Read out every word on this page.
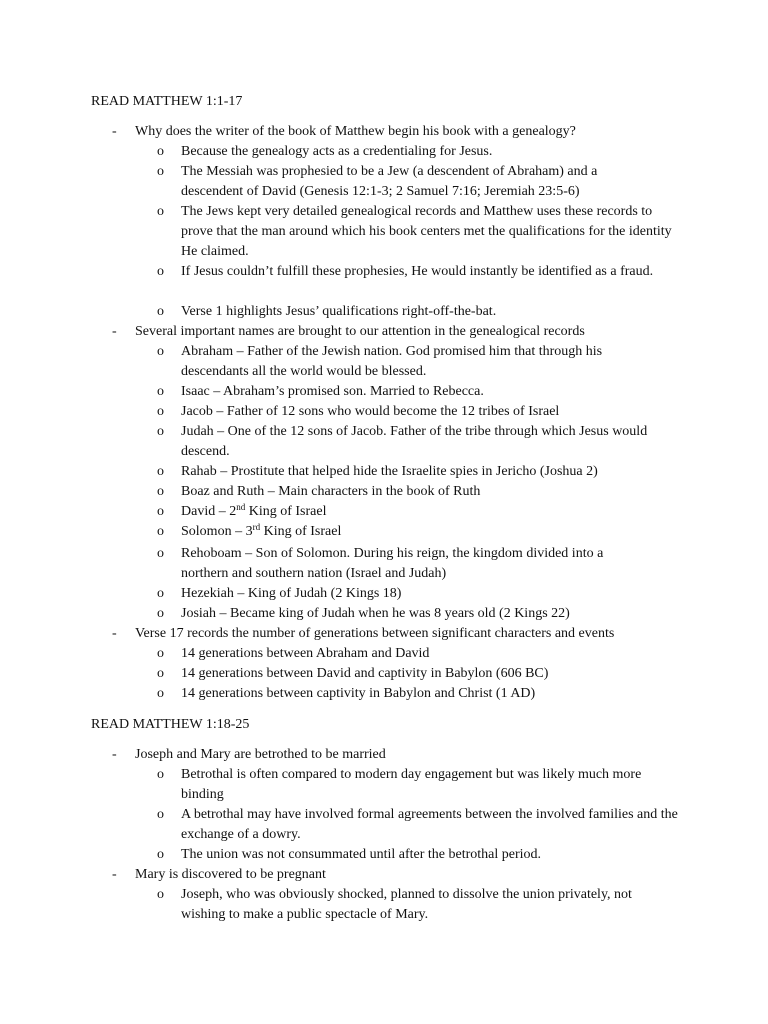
READ MATTHEW 1:1-17
- Why does the writer of the book of Matthew begin his book with a genealogy?
o Because the genealogy acts as a credentialing for Jesus.
o The Messiah was prophesied to be a Jew (a descendent of Abraham) and a descendent of David (Genesis 12:1-3; 2 Samuel 7:16; Jeremiah 23:5-6)
o The Jews kept very detailed genealogical records and Matthew uses these records to prove that the man around which his book centers met the qualifications for the identity He claimed.
o If Jesus couldn’t fulfill these prophesies, He would instantly be identified as a fraud.
o Verse 1 highlights Jesus’ qualifications right-off-the-bat.
- Several important names are brought to our attention in the genealogical records
o Abraham – Father of the Jewish nation. God promised him that through his descendants all the world would be blessed.
o Isaac – Abraham’s promised son. Married to Rebecca.
o Jacob – Father of 12 sons who would become the 12 tribes of Israel
o Judah – One of the 12 sons of Jacob. Father of the tribe through which Jesus would descend.
o Rahab – Prostitute that helped hide the Israelite spies in Jericho (Joshua 2)
o Boaz and Ruth – Main characters in the book of Ruth
o David – 2nd King of Israel
o Solomon – 3rd King of Israel
o Rehoboam – Son of Solomon. During his reign, the kingdom divided into a northern and southern nation (Israel and Judah)
o Hezekiah – King of Judah (2 Kings 18)
o Josiah – Became king of Judah when he was 8 years old (2 Kings 22)
- Verse 17 records the number of generations between significant characters and events
o 14 generations between Abraham and David
o 14 generations between David and captivity in Babylon (606 BC)
o 14 generations between captivity in Babylon and Christ (1 AD)
READ MATTHEW 1:18-25
- Joseph and Mary are betrothed to be married
o Betrothal is often compared to modern day engagement but was likely much more binding
o A betrothal may have involved formal agreements between the involved families and the exchange of a dowry.
o The union was not consummated until after the betrothal period.
- Mary is discovered to be pregnant
o Joseph, who was obviously shocked, planned to dissolve the union privately, not wishing to make a public spectacle of Mary.
